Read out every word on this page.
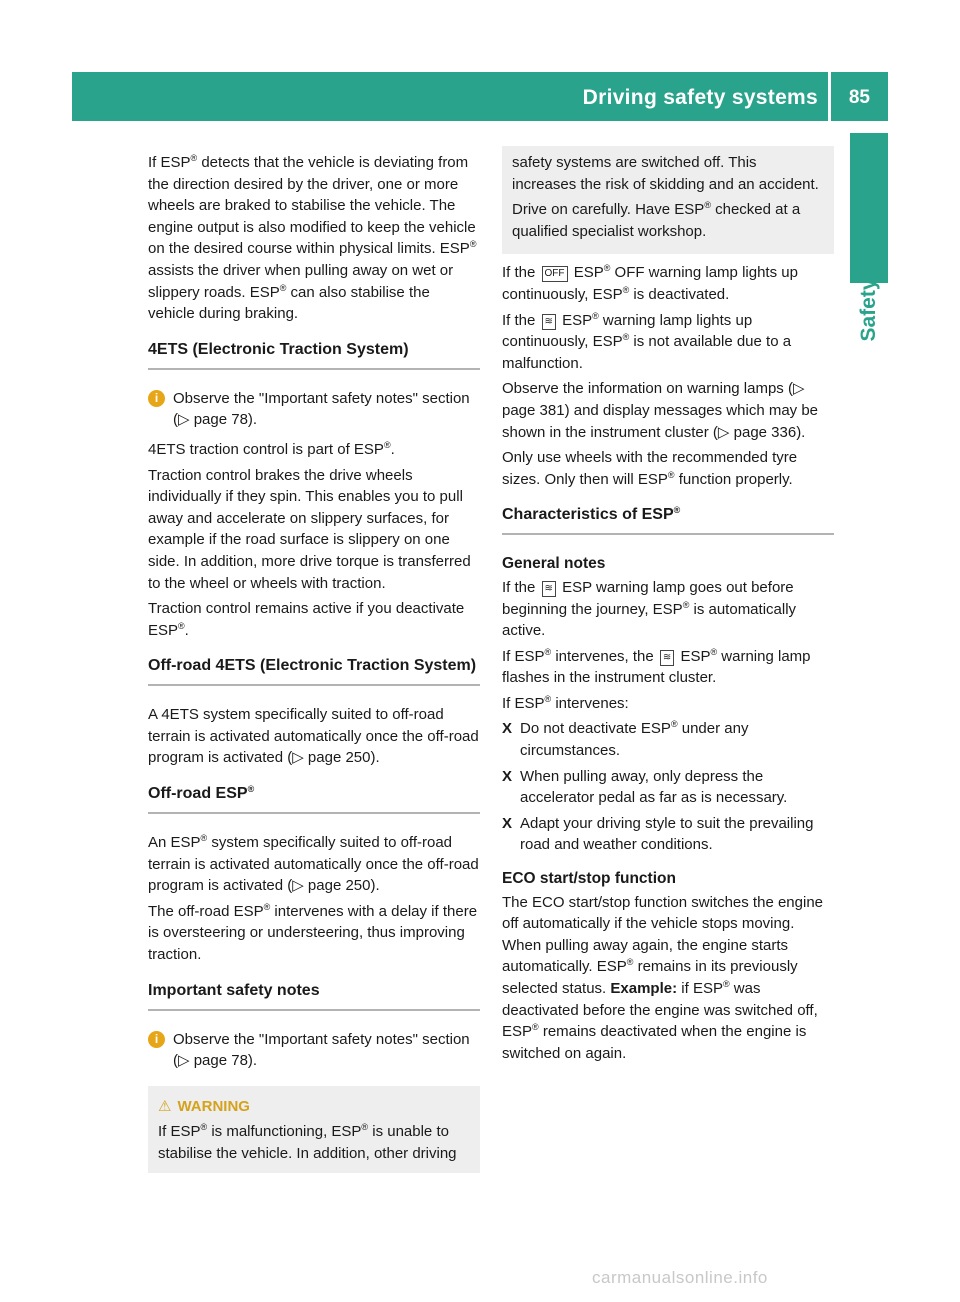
Driving safety systems 85
Safety

If ESP® detects that the vehicle is deviating from the direction desired by the driver, one or more wheels are braked to stabilise the vehicle. The engine output is also modified to keep the vehicle on the desired course within physical limits. ESP® assists the driver when pulling away on wet or slippery roads. ESP® can also stabilise the vehicle during braking.

4ETS (Electronic Traction System)
i Observe the "Important safety notes" section (▷ page 78).

4ETS traction control is part of ESP®.

Traction control brakes the drive wheels individually if they spin. This enables you to pull away and accelerate on slippery surfaces, for example if the road surface is slippery on one side. In addition, more drive torque is transferred to the wheel or wheels with traction.

Traction control remains active if you deactivate ESP®.

Off-road 4ETS (Electronic Traction System)

A 4ETS system specifically suited to off-road terrain is activated automatically once the off-road program is activated (▷ page 250).

Off-road ESP®

An ESP® system specifically suited to off-road terrain is activated automatically once the off-road program is activated (▷ page 250).

The off-road ESP® intervenes with a delay if there is oversteering or understeering, thus improving traction.

Important safety notes
i Observe the "Important safety notes" section (▷ page 78).
⚠ WARNING
If ESP® is malfunctioning, ESP® is unable to stabilise the vehicle. In addition, other driving

safety systems are switched off. This increases the risk of skidding and an accident.

Drive on carefully. Have ESP® checked at a qualified specialist workshop.

If the OFF ESP® OFF warning lamp lights up continuously, ESP® is deactivated.

If the ≋ ESP® warning lamp lights up continuously, ESP® is not available due to a malfunction.

Observe the information on warning lamps (▷ page 381) and display messages which may be shown in the instrument cluster (▷ page 336).

Only use wheels with the recommended tyre sizes. Only then will ESP® function properly.

Characteristics of ESP®
General notes

If the ≋ ESP warning lamp goes out before beginning the journey, ESP® is automatically active.

If ESP® intervenes, the ≋ ESP® warning lamp flashes in the instrument cluster.

If ESP® intervenes:

X Do not deactivate ESP® under any circumstances.
X When pulling away, only depress the accelerator pedal as far as is necessary.
X Adapt your driving style to suit the prevailing road and weather conditions.
ECO start/stop function

The ECO start/stop function switches the engine off automatically if the vehicle stops moving. When pulling away again, the engine starts automatically. ESP® remains in its previously selected status. Example: if ESP® was deactivated before the engine was switched off, ESP® remains deactivated when the engine is switched on again.

carmanualsonline.info
